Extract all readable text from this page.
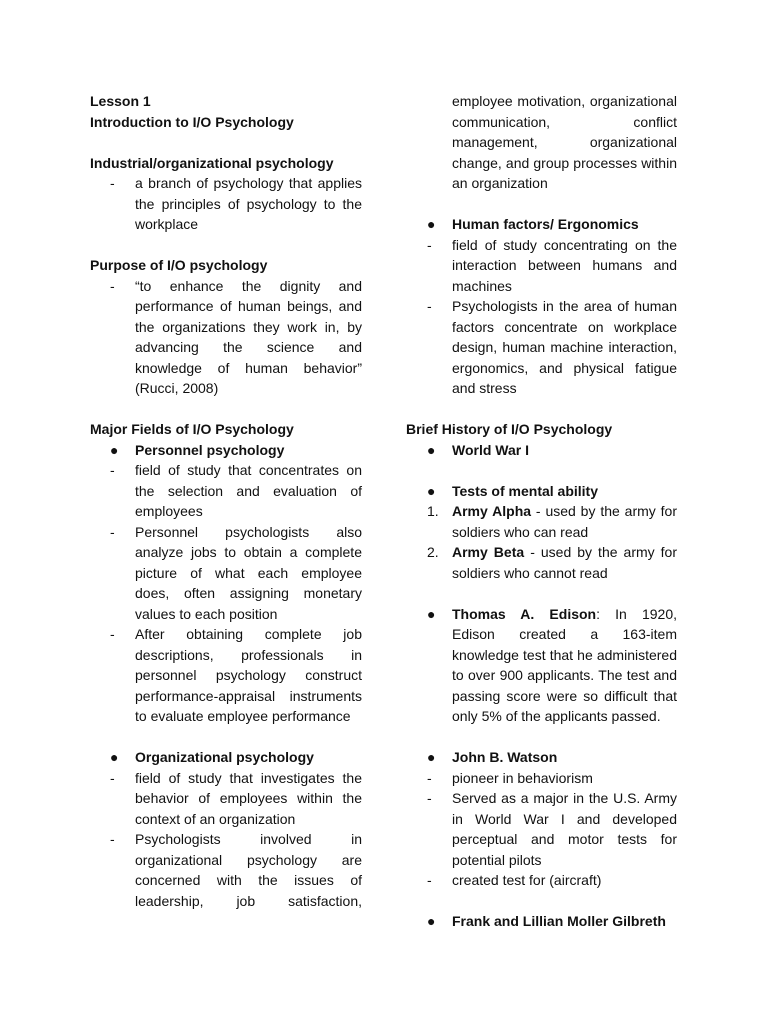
Lesson 1

Introduction to I/O Psychology

Industrial/organizational psychology

-	a branch of psychology that applies the principles of psychology to the workplace

Purpose of I/O psychology

-	“to enhance the dignity and performance of human beings, and the organizations they work in, by advancing the science and knowledge of human behavior” (Rucci, 2008)

Major Fields of I/O Psychology

●	Personnel psychology
-	field of study that concentrates on the selection and evaluation of employees
-	Personnel psychologists also analyze jobs to obtain a complete picture of what each employee does, often assigning monetary values to each position
-	After obtaining complete job descriptions, professionals in personnel psychology construct performance-appraisal instruments to evaluate employee performance
●	Organizational psychology
-	field of study that investigates the behavior of employees within the context of an organization
-	Psychologists involved in organizational psychology are concerned with the issues of leadership, job satisfaction,

employee motivation, organizational communication, conflict management, organizational change, and group processes within an organization

●	Human factors/ Ergonomics
-	field of study concentrating on the interaction between humans and machines
-	Psychologists in the area of human factors concentrate on workplace design, human machine interaction, ergonomics, and physical fatigue and stress

Brief History of I/O Psychology

●	World War I
●	Tests of mental ability
1. Army Alpha - used by the army for soldiers who can read
2. Army Beta - used by the army for soldiers who cannot read
●	Thomas A. Edison: In 1920, Edison created a 163-item knowledge test that he administered to over 900 applicants. The test and passing score were so difficult that only 5% of the applicants passed.
●	John B. Watson
-	pioneer in behaviorism
-	Served as a major in the U.S. Army in World War I and developed perceptual and motor tests for potential pilots
-	created test for (aircraft)
●	Frank and Lillian Moller Gilbreth
